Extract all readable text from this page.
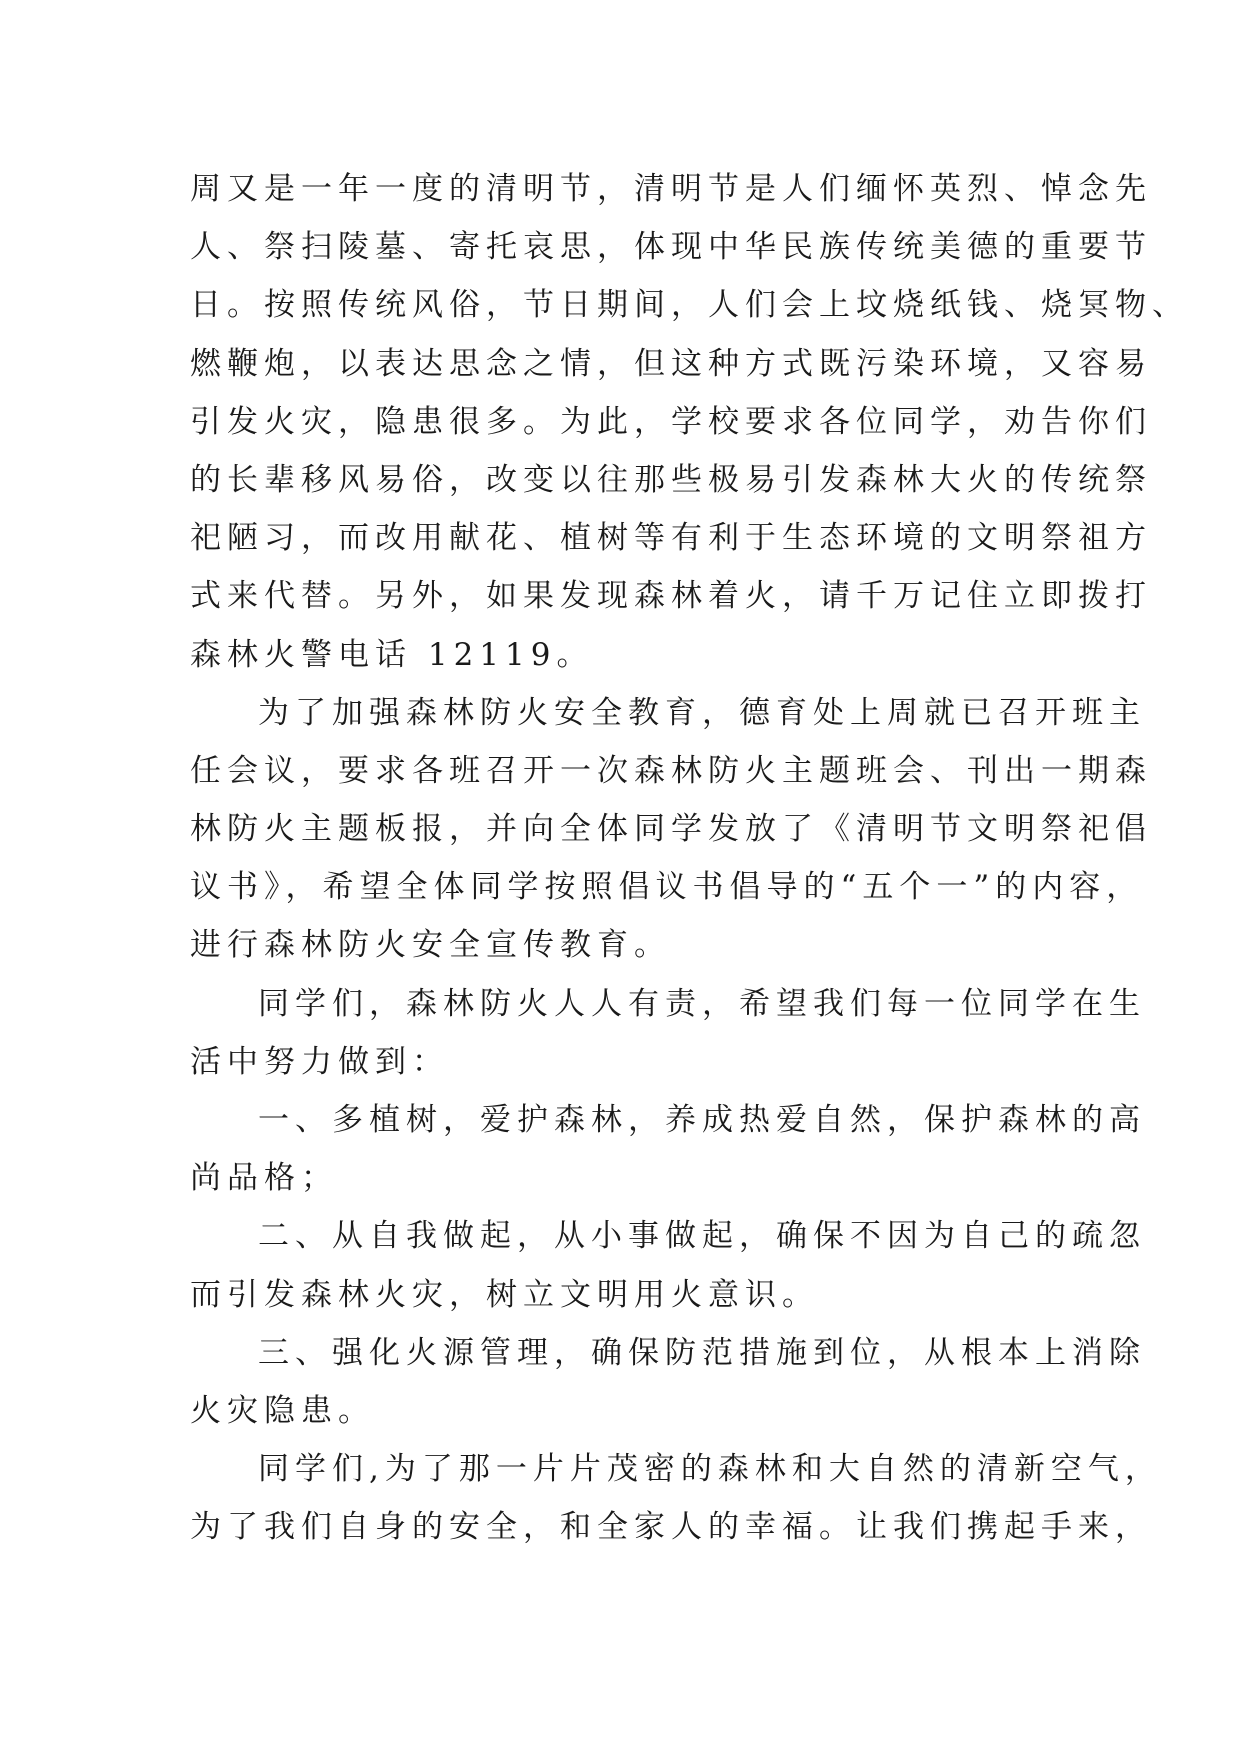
周又是一年一度的清明节，清明节是人们缅怀英烈、悼念先
人、祭扫陵墓、寄托哀思，体现中华民族传统美德的重要节
日。按照传统风俗，节日期间，人们会上坟烧纸钱、烧冥物、
燃鞭炮，以表达思念之情，但这种方式既污染环境，又容易
引发火灾，隐患很多。为此，学校要求各位同学，劝告你们
的长辈移风易俗，改变以往那些极易引发森林大火的传统祭
祀陋习，而改用献花、植树等有利于生态环境的文明祭祖方
式来代替。另外，如果发现森林着火，请千万记住立即拨打
森林火警电话 12119。
为了加强森林防火安全教育，德育处上周就已召开班主
任会议，要求各班召开一次森林防火主题班会、刊出一期森
林防火主题板报，并向全体同学发放了《清明节文明祭祀倡
议书》，希望全体同学按照倡议书倡导的“五个一”的内容，
进行森林防火安全宣传教育。
同学们，森林防火人人有责，希望我们每一位同学在生
活中努力做到：
一、多植树，爱护森林，养成热爱自然，保护森林的高
尚品格；
二、从自我做起，从小事做起，确保不因为自己的疏忽
而引发森林火灾，树立文明用火意识。
三、强化火源管理，确保防范措施到位，从根本上消除
火灾隐患。
同学们,为了那一片片茂密的森林和大自然的清新空气，
为了我们自身的安全，和全家人的幸福。让我们携起手来，
